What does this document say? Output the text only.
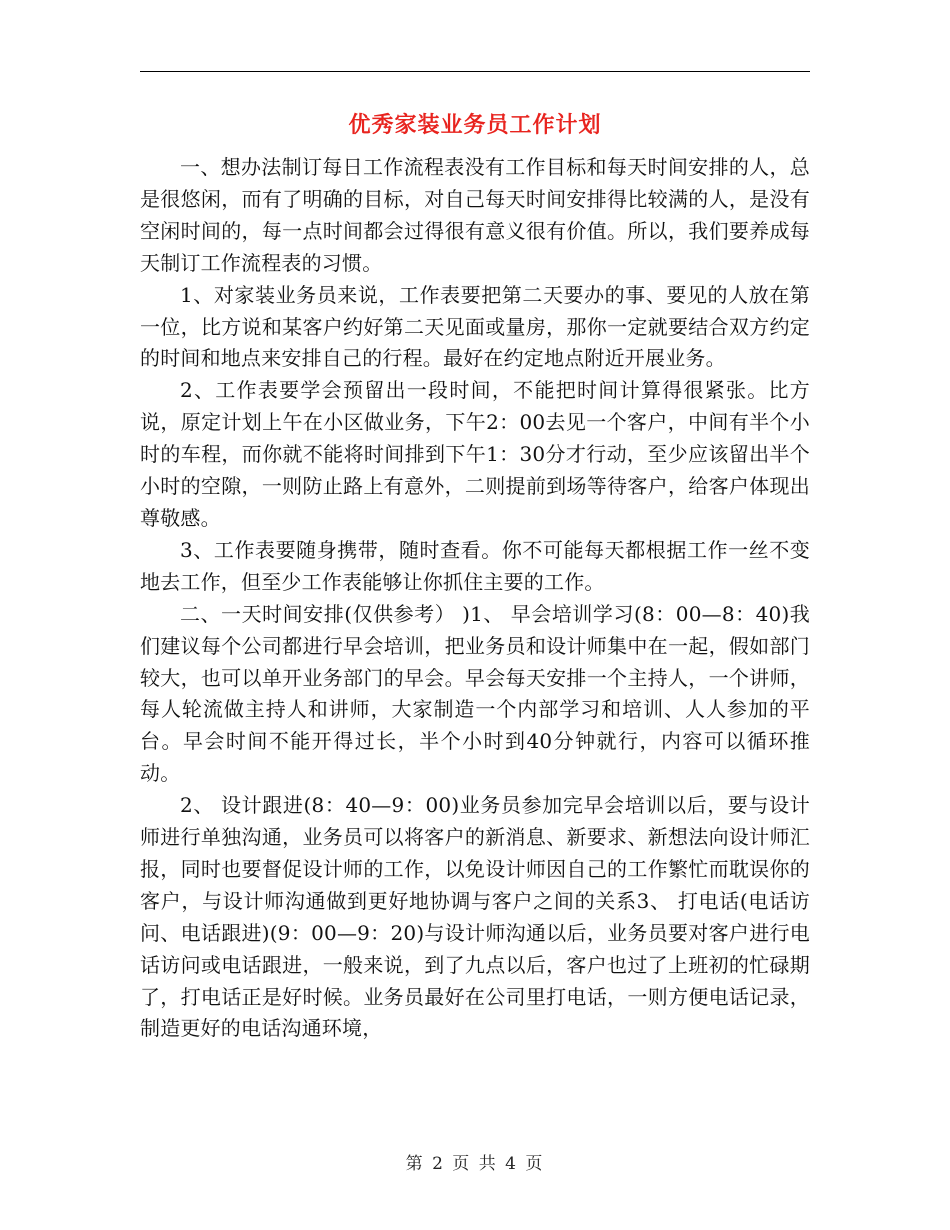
优秀家装业务员工作计划

一、想办法制订每日工作流程表没有工作目标和每天时间安排的人，总是很悠闲，而有了明确的目标，对自己每天时间安排得比较满的人，是没有空闲时间的，每一点时间都会过得很有意义很有价值。所以，我们要养成每天制订工作流程表的习惯。

1、对家装业务员来说，工作表要把第二天要办的事、要见的人放在第一位，比方说和某客户约好第二天见面或量房，那你一定就要结合双方约定的时间和地点来安排自己的行程。最好在约定地点附近开展业务。

2、工作表要学会预留出一段时间，不能把时间计算得很紧张。比方说，原定计划上午在小区做业务，下午2：00去见一个客户，中间有半个小时的车程，而你就不能将时间排到下午1：30分才行动，至少应该留出半个小时的空隙，一则防止路上有意外，二则提前到场等待客户，给客户体现出尊敬感。

3、工作表要随身携带，随时查看。你不可能每天都根据工作一丝不变地去工作，但至少工作表能够让你抓住主要的工作。

二、一天时间安排(仅供参考） )1、 早会培训学习(8：00—8：40)我们建议每个公司都进行早会培训，把业务员和设计师集中在一起，假如部门较大，也可以单开业务部门的早会。早会每天安排一个主持人，一个讲师，每人轮流做主持人和讲师，大家制造一个内部学习和培训、人人参加的平台。早会时间不能开得过长，半个小时到40分钟就行，内容可以循环推动。

2、 设计跟进(8：40—9：00)业务员参加完早会培训以后，要与设计师进行单独沟通，业务员可以将客户的新消息、新要求、新想法向设计师汇报，同时也要督促设计师的工作，以免设计师因自己的工作繁忙而耽误你的客户，与设计师沟通做到更好地协调与客户之间的关系3、 打电话(电话访问、电话跟进)(9：00—9：20)与设计师沟通以后，业务员要对客户进行电话访问或电话跟进，一般来说，到了九点以后，客户也过了上班初的忙碌期了，打电话正是好时候。业务员最好在公司里打电话，一则方便电话记录，制造更好的电话沟通环境，

第 2 页 共 4 页
